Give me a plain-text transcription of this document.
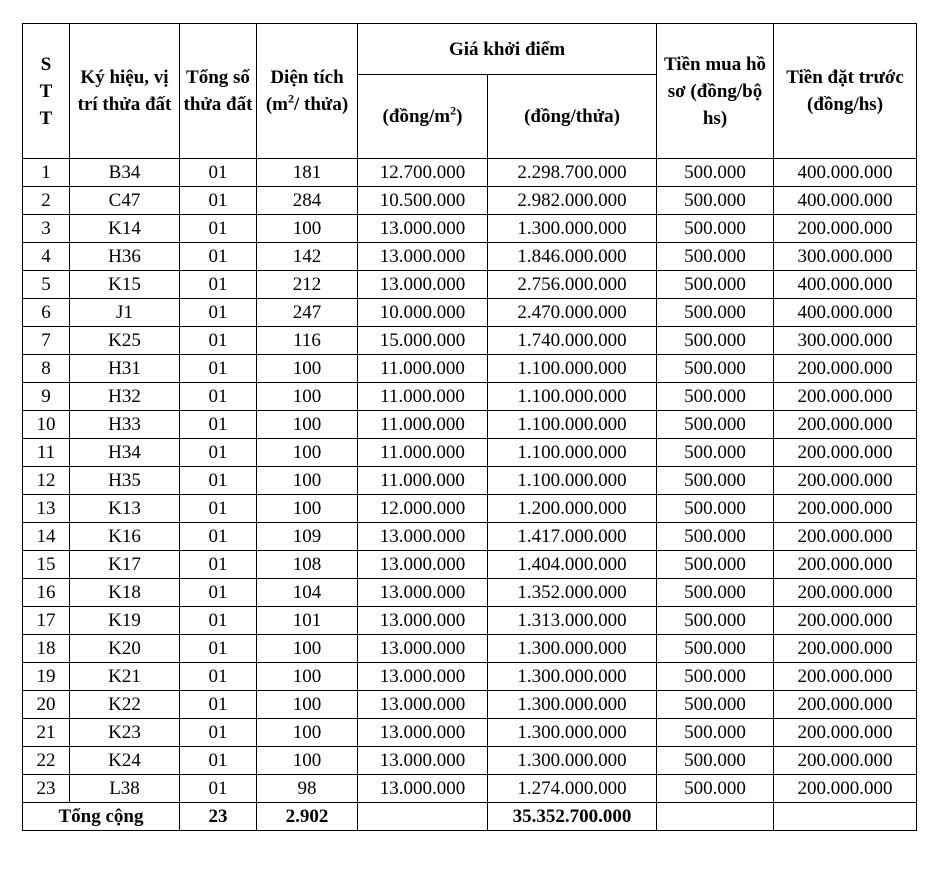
S T T	Ký hiệu, vị trí thửa đất	Tổng số thửa đất	Diện tích ($m^2/$ thửa)	Giá khởi điểm		Tiền mua hồ sơ (đồng/bộ hs)	Tiền đặt trước (đồng/hs)
				$(đồng/m^2)$	(đồng/thửa)		
1	B34	01	181	12.700.000	2.298.700.000	500.000	400.000.000
2	C47	01	284	10.500.000	2.982.000.000	500.000	400.000.000
3	K14	01	100	13.000.000	1.300.000.000	500.000	200.000.000
4	H36	01	142	13.000.000	1.846.000.000	500.000	300.000.000
5	K15	01	212	13.000.000	2.756.000.000	500.000	400.000.000
6	J1	01	247	10.000.000	2.470.000.000	500.000	400.000.000
7	K25	01	116	15.000.000	1.740.000.000	500.000	300.000.000
8	H31	01	100	11.000.000	1.100.000.000	500.000	200.000.000
9	H32	01	100	11.000.000	1.100.000.000	500.000	200.000.000
10	H33	01	100	11.000.000	1.100.000.000	500.000	200.000.000
11	H34	01	100	11.000.000	1.100.000.000	500.000	200.000.000
12	H35	01	100	11.000.000	1.100.000.000	500.000	200.000.000
13	K13	01	100	12.000.000	1.200.000.000	500.000	200.000.000
14	K16	01	109	13.000.000	1.417.000.000	500.000	200.000.000
15	K17	01	108	13.000.000	1.404.000.000	500.000	200.000.000
16	K18	01	104	13.000.000	1.352.000.000	500.000	200.000.000
17	K19	01	101	13.000.000	1.313.000.000	500.000	200.000.000
18	K20	01	100	13.000.000	1.300.000.000	500.000	200.000.000
19	K21	01	100	13.000.000	1.300.000.000	500.000	200.000.000
20	K22	01	100	13.000.000	1.300.000.000	500.000	200.000.000
21	K23	01	100	13.000.000	1.300.000.000	500.000	200.000.000
22	K24	01	100	13.000.000	1.300.000.000	500.000	200.000.000
23	L38	01	98	13.000.000	1.274.000.000	500.000	200.000.000
Tổng cộng		23	2.902		35.352.700.000		
